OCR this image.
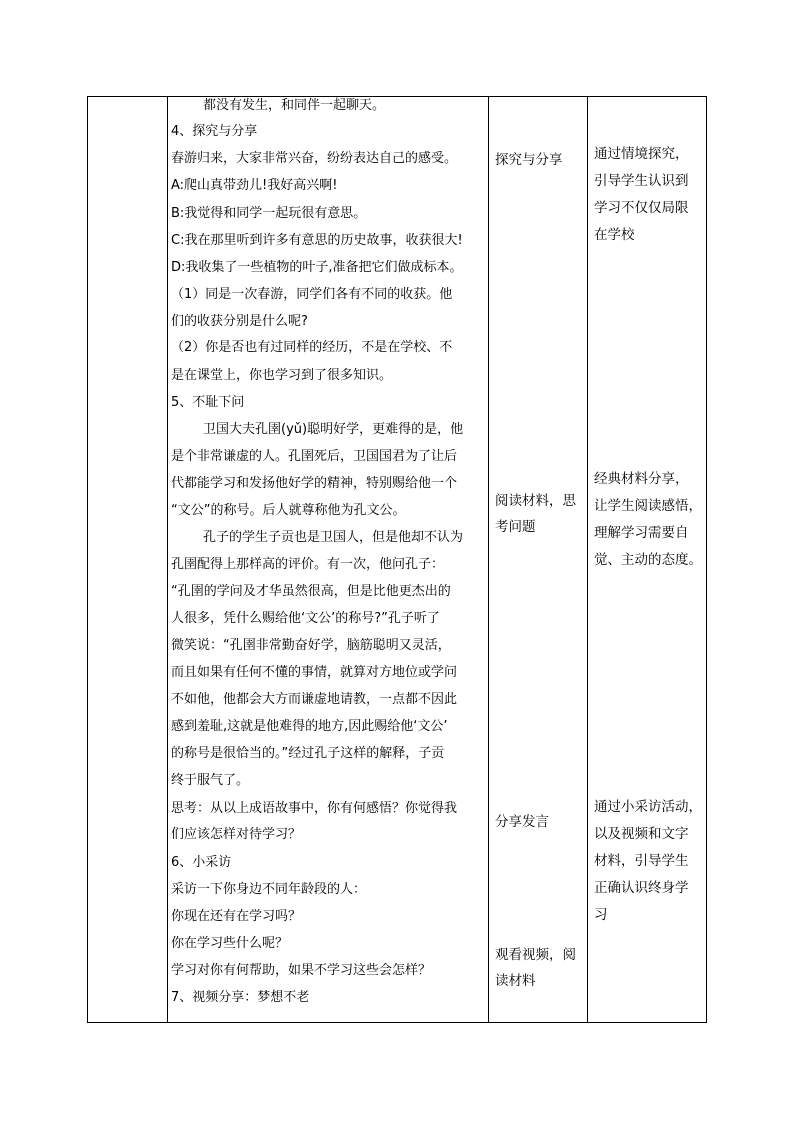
都没有发生，和同伴一起聊天。
4、探究与分享
春游归来，大家非常兴奋，纷纷表达自己的感受。
A:爬山真带劲儿!我好高兴啊!
B:我觉得和同学一起玩很有意思。
C:我在那里听到许多有意思的历史故事，收获很大!
D:我收集了一些植物的叶子,准备把它们做成标本。
（1）同是一次春游，同学们各有不同的收获。他
们的收获分别是什么呢?
（2）你是否也有过同样的经历，不是在学校、不
是在课堂上，你也学习到了很多知识。
5、不耻下问
卫国大夫孔圉(yǔ)聪明好学，更难得的是，他
是个非常谦虚的人。孔圉死后，卫国国君为了让后
代都能学习和发扬他好学的精神，特别赐给他一个
“文公”的称号。后人就尊称他为孔文公。
孔子的学生子贡也是卫国人，但是他却不认为
孔圉配得上那样高的评价。有一次，他问孔子：
“孔圉的学问及才华虽然很高，但是比他更杰出的
人很多，凭什么赐给他‘文公’的称号?”孔子听了
微笑说：“孔圉非常勤奋好学，脑筋聪明又灵活，
而且如果有任何不懂的事情，就算对方地位或学问
不如他，他都会大方而谦虚地请教，一点都不因此
感到羞耻,这就是他难得的地方,因此赐给他‘文公’
的称号是很恰当的。”经过孔子这样的解释，子贡
终于服气了。
思考：从以上成语故事中，你有何感悟？你觉得我
们应该怎样对待学习？
6、小采访
采访一下你身边不同年龄段的人：
你现在还有在学习吗？
你在学习些什么呢？
学习对你有何帮助，如果不学习这些会怎样？
7、视频分享：梦想不老
探究与分享
阅读材料，思
考问题
分享发言
观看视频，阅
读材料
通过情境探究，
引导学生认识到
学习不仅仅局限
在学校
经典材料分享，
让学生阅读感悟，
理解学习需要自
觉、主动的态度。
通过小采访活动，
以及视频和文字
材料，引导学生
正确认识终身学
习
